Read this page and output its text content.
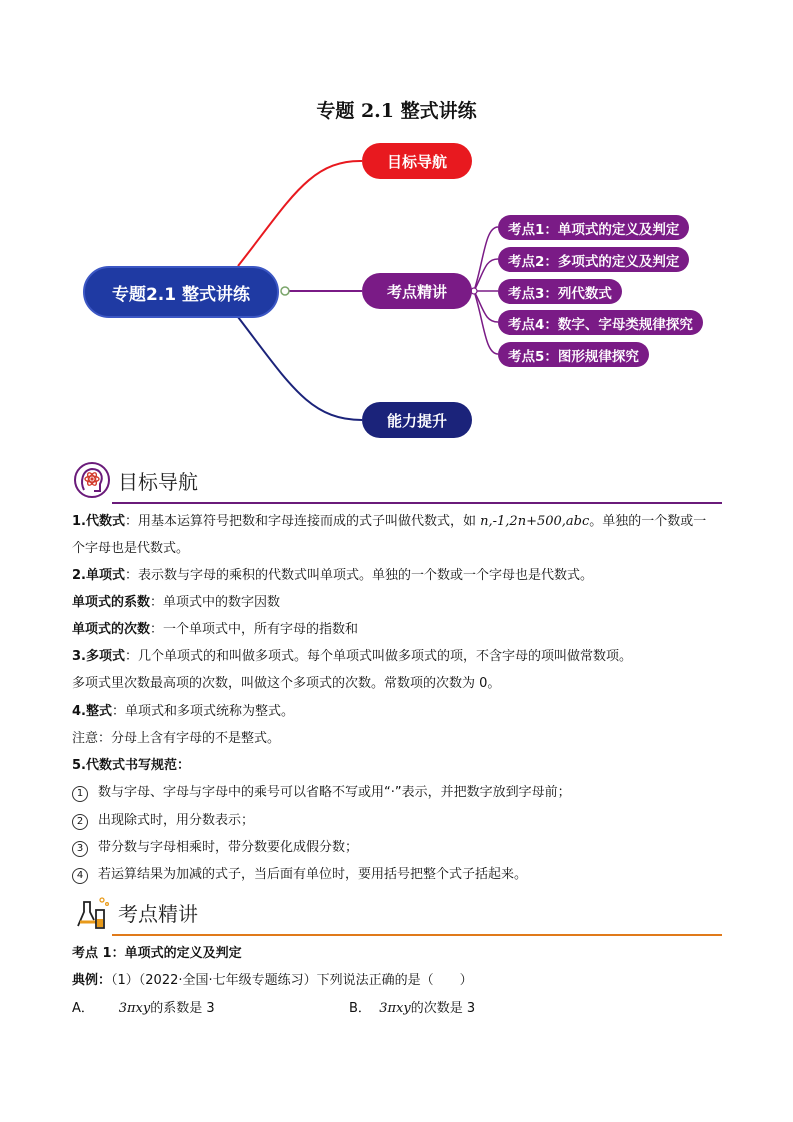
专题 2.1 整式讲练
专题2.1 整式讲练
目标导航
考点精讲
能力提升
考点1：单项式的定义及判定
考点2：多项式的定义及判定
考点3：列代数式
考点4：数字、字母类规律探究
考点5：图形规律探究
目标导航
1.代数式：用基本运算符号把数和字母连接而成的式子叫做代数式，如 n,-1,2n+500,abc。单独的一个数或一
个字母也是代数式。
2.单项式：表示数与字母的乘积的代数式叫单项式。单独的一个数或一个字母也是代数式。
单项式的系数：单项式中的数字因数
单项式的次数：一个单项式中，所有字母的指数和
3.多项式：几个单项式的和叫做多项式。每个单项式叫做多项式的项，不含字母的项叫做常数项。
多项式里次数最高项的次数，叫做这个多项式的次数。常数项的次数为 0。
4.整式：单项式和多项式统称为整式。
注意：分母上含有字母的不是整式。
5.代数式书写规范：
1 数与字母、字母与字母中的乘号可以省略不写或用“·”表示，并把数字放到字母前；
2 出现除式时，用分数表示；
3 带分数与字母相乘时，带分数要化成假分数；
4 若运算结果为加减的式子，当后面有单位时，要用括号把整个式子括起来。
考点精讲
考点 1：单项式的定义及判定
典例：（1）（2022·全国·七年级专题练习）下列说法正确的是（　　）
A． 3πxy的系数是 3	B． 3πxy的次数是 3
